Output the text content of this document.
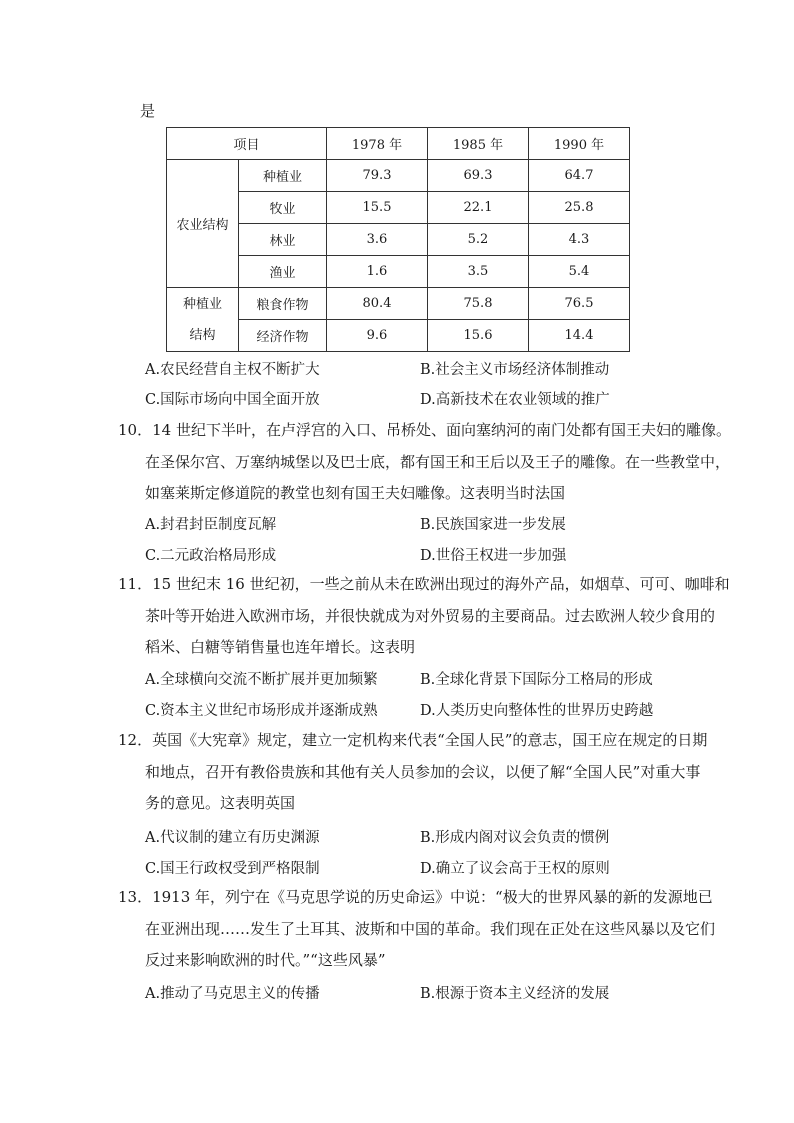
是
项目		1978 年	1985 年	1990 年
农业结构	种植业	79.3	69.3	64.7
	牧业	15.5	22.1	25.8
	林业	3.6	5.2	4.3
	渔业	1.6	3.5	5.4

种植业
结构	粮食作物	80.4	75.8	76.5
	经济作物	9.6	15.6	14.4
A.农民经营自主权不断扩大	B.社会主义市场经济体制推动
C.国际市场向中国全面开放	D.高新技术在农业领域的推广

10．14 世纪下半叶，在卢浮宫的入口、吊桥处、面向塞纳河的南门处都有国王夫妇的雕像。

在圣保尔宫、万塞纳城堡以及巴士底，都有国王和王后以及王子的雕像。在一些教堂中，

如塞莱斯定修道院的教堂也刻有国王夫妇雕像。这表明当时法国

A.封君封臣制度瓦解	B.民族国家进一步发展
C.二元政治格局形成	D.世俗王权进一步加强

11．15 世纪末 16 世纪初，一些之前从未在欧洲出现过的海外产品，如烟草、可可、咖啡和

茶叶等开始进入欧洲市场，并很快就成为对外贸易的主要商品。过去欧洲人较少食用的

稻米、白糖等销售量也连年增长。这表明

A.全球横向交流不断扩展并更加频繁	B.全球化背景下国际分工格局的形成
C.资本主义世纪市场形成并逐渐成熟	D.人类历史向整体性的世界历史跨越

12．英国《大宪章》规定，建立一定机构来代表“全国人民”的意志，国王应在规定的日期

和地点，召开有教俗贵族和其他有关人员参加的会议，以便了解“全国人民”对重大事

务的意见。这表明英国

A.代议制的建立有历史渊源	B.形成内阁对议会负责的惯例
C.国王行政权受到严格限制	D.确立了议会高于王权的原则

13．1913 年，列宁在《马克思学说的历史命运》中说：“极大的世界风暴的新的发源地已

在亚洲出现……发生了土耳其、波斯和中国的革命。我们现在正处在这些风暴以及它们

反过来影响欧洲的时代。”“这些风暴”

A.推动了马克思主义的传播	B.根源于资本主义经济的发展
